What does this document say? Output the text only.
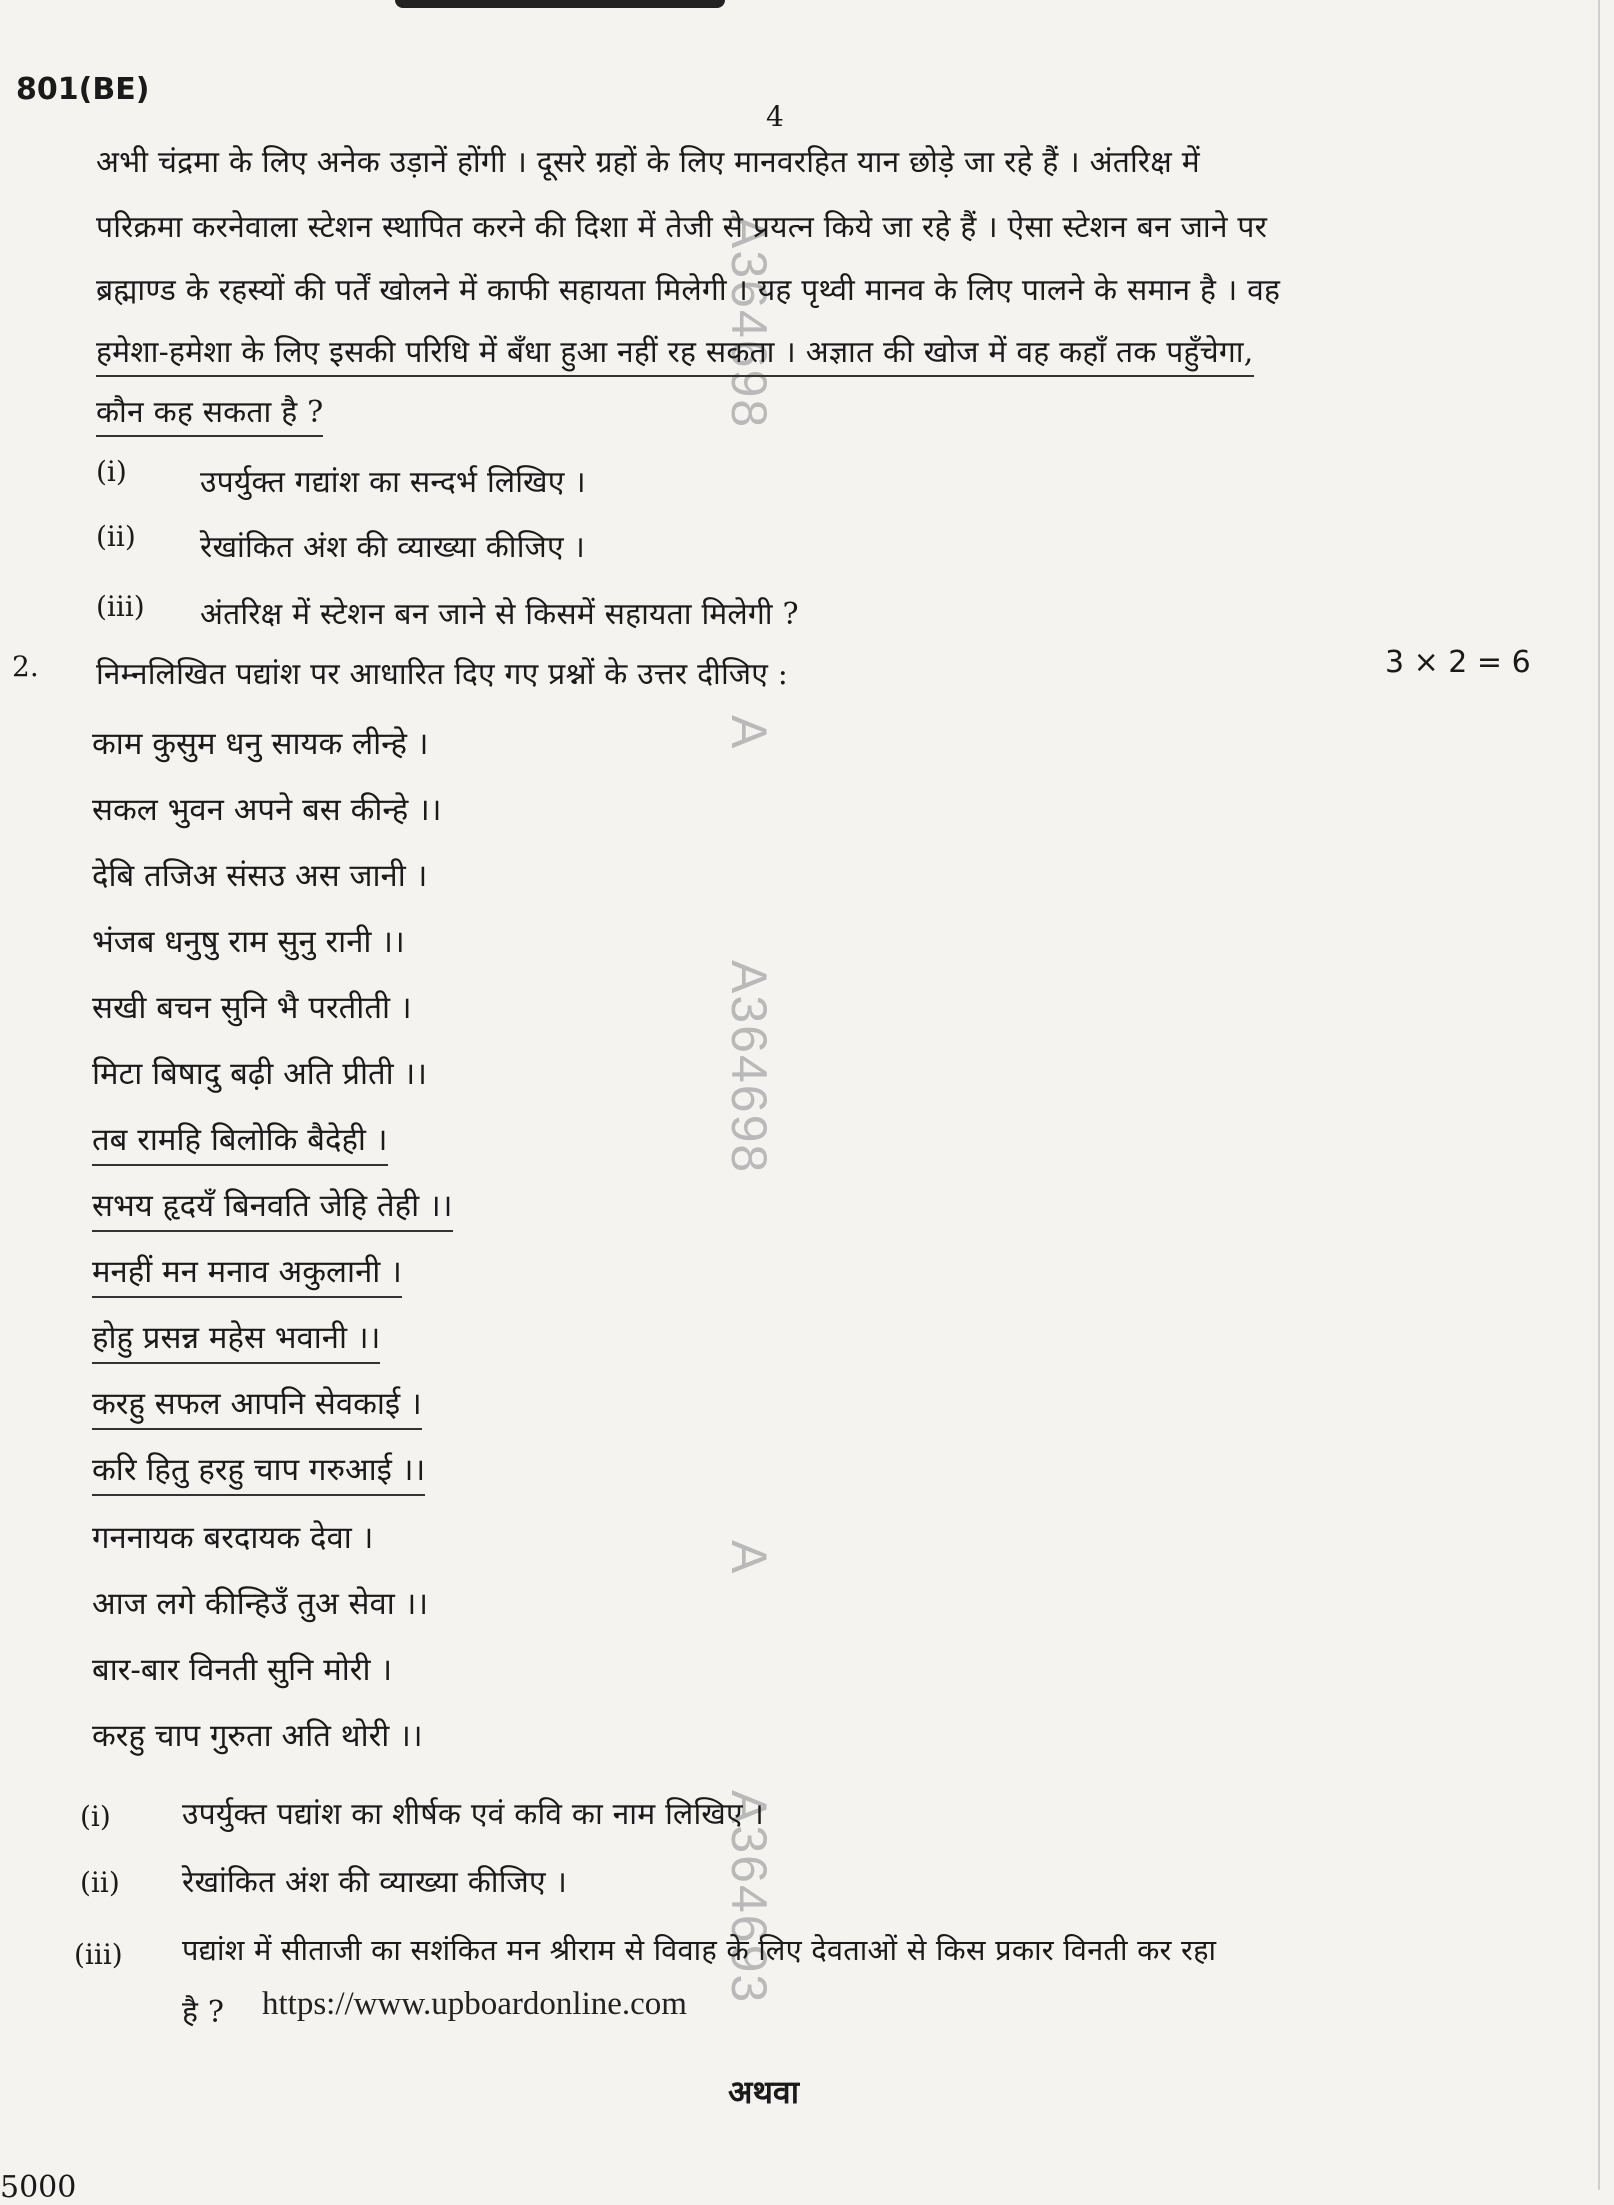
A364698
A
A364698
A
A364693
801(BE)
4
अभी चंद्रमा के लिए अनेक उड़ानें होंगी । दूसरे ग्रहों के लिए मानवरहित यान छोड़े जा रहे हैं । अंतरिक्ष में
परिक्रमा करनेवाला स्टेशन स्थापित करने की दिशा में तेजी से प्रयत्न किये जा रहे हैं । ऐसा स्टेशन बन जाने पर
ब्रह्माण्ड के रहस्यों की पर्तें खोलने में काफी सहायता मिलेगी । यह पृथ्वी मानव के लिए पालने के समान है । वह
हमेशा-हमेशा के लिए इसकी परिधि में बँधा हुआ नहीं रह सकता । अज्ञात की खोज में वह कहाँ तक पहुँचेगा,
कौन कह सकता है ?
(i) उपर्युक्त गद्यांश का सन्दर्भ लिखिए ।
(ii) रेखांकित अंश की व्याख्या कीजिए ।
(iii) अंतरिक्ष में स्टेशन बन जाने से किसमें सहायता मिलेगी ?
2. निम्नलिखित पद्यांश पर आधारित दिए गए प्रश्नों के उत्तर दीजिए :	3 × 2 = 6
काम कुसुम धनु सायक लीन्हे ।
सकल भुवन अपने बस कीन्हे ।।
देबि तजिअ संसउ अस जानी ।
भंजब धनुषु राम सुनु रानी ।।
सखी बचन सुनि भै परतीती ।
मिटा बिषादु बढ़ी अति प्रीती ।।
तब रामहि बिलोकि बैदेही ।
सभय हृदयँ बिनवति जेहि तेही ।।
मनहीं मन मनाव अकुलानी ।
होहु प्रसन्न महेस भवानी ।।
करहु सफल आपनि सेवकाई ।
करि हितु हरहु चाप गरुआई ।।
गननायक बरदायक देवा ।
आज लगे कीन्हिउँ तुअ सेवा ।।
बार-बार विनती सुनि मोरी ।
करहु चाप गुरुता अति थोरी ।।
(i) उपर्युक्त पद्यांश का शीर्षक एवं कवि का नाम लिखिए ।
(ii) रेखांकित अंश की व्याख्या कीजिए ।
(iii) पद्यांश में सीताजी का सशंकित मन श्रीराम से विवाह के लिए देवताओं से किस प्रकार विनती कर रहा
है ? https://www.upboardonline.com
अथवा
5000
